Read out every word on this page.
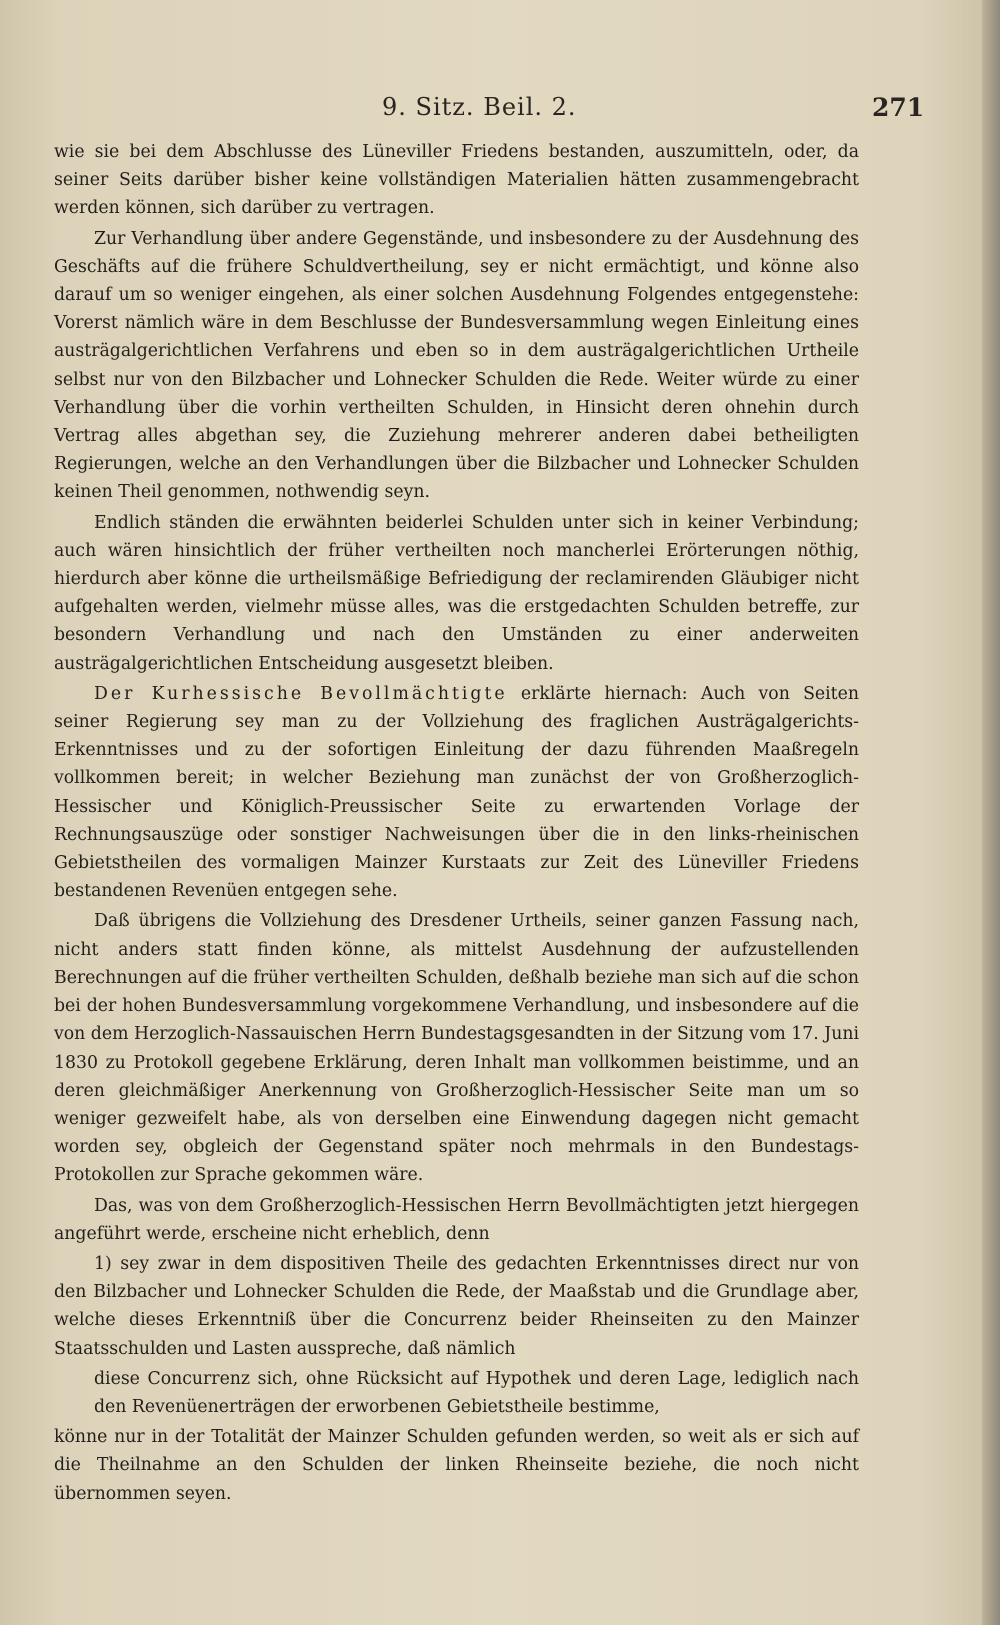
9. Sitz. Beil. 2.	271

wie sie bei dem Abschlusse des Lüneviller Friedens bestanden, auszumitteln, oder, da seiner Seits darüber bisher keine vollständigen Materialien hätten zusammengebracht werden können, sich darüber zu vertragen.

Zur Verhandlung über andere Gegenstände, und insbesondere zu der Ausdehnung des Geschäfts auf die frühere Schuldvertheilung, sey er nicht ermächtigt, und könne also darauf um so weniger eingehen, als einer solchen Ausdehnung Folgendes entgegenstehe: Vorerst nämlich wäre in dem Beschlusse der Bundesversammlung wegen Einleitung eines austrägalgerichtlichen Verfahrens und eben so in dem austrägalgerichtlichen Urtheile selbst nur von den Bilzbacher und Lohnecker Schulden die Rede. Weiter würde zu einer Verhandlung über die vorhin vertheilten Schulden, in Hinsicht deren ohnehin durch Vertrag alles abgethan sey, die Zuziehung mehrerer anderen dabei betheiligten Regierungen, welche an den Verhandlungen über die Bilzbacher und Lohnecker Schulden keinen Theil genommen, nothwendig seyn.

Endlich ständen die erwähnten beiderlei Schulden unter sich in keiner Verbindung; auch wären hinsichtlich der früher vertheilten noch mancherlei Erörterungen nöthig, hierdurch aber könne die urtheilsmäßige Befriedigung der reclamirenden Gläubiger nicht aufgehalten werden, vielmehr müsse alles, was die erstgedachten Schulden betreffe, zur besondern Verhandlung und nach den Umständen zu einer anderweiten austrägalgerichtlichen Entscheidung ausgesetzt bleiben.

Der Kurhessische Bevollmächtigte erklärte hiernach: Auch von Seiten seiner Regierung sey man zu der Vollziehung des fraglichen Austrägalgerichts-Erkenntnisses und zu der sofortigen Einleitung der dazu führenden Maaßregeln vollkommen bereit; in welcher Beziehung man zunächst der von Großherzoglich-Hessischer und Königlich-Preussischer Seite zu erwartenden Vorlage der Rechnungsauszüge oder sonstiger Nachweisungen über die in den links-rheinischen Gebietstheilen des vormaligen Mainzer Kurstaats zur Zeit des Lüneviller Friedens bestandenen Revenüen entgegen sehe.

Daß übrigens die Vollziehung des Dresdener Urtheils, seiner ganzen Fassung nach, nicht anders statt finden könne, als mittelst Ausdehnung der aufzustellenden Berechnungen auf die früher vertheilten Schulden, deßhalb beziehe man sich auf die schon bei der hohen Bundesversammlung vorgekommene Verhandlung, und insbesondere auf die von dem Herzoglich-Nassauischen Herrn Bundestagsgesandten in der Sitzung vom 17. Juni 1830 zu Protokoll gegebene Erklärung, deren Inhalt man vollkommen beistimme, und an deren gleichmäßiger Anerkennung von Großherzoglich-Hessischer Seite man um so weniger gezweifelt habe, als von derselben eine Einwendung dagegen nicht gemacht worden sey, obgleich der Gegenstand später noch mehrmals in den Bundestags-Protokollen zur Sprache gekommen wäre.

Das, was von dem Großherzoglich-Hessischen Herrn Bevollmächtigten jetzt hiergegen angeführt werde, erscheine nicht erheblich, denn

1) sey zwar in dem dispositiven Theile des gedachten Erkenntnisses direct nur von den Bilzbacher und Lohnecker Schulden die Rede, der Maaßstab und die Grundlage aber, welche dieses Erkenntniß über die Concurrenz beider Rheinseiten zu den Mainzer Staatsschulden und Lasten ausspreche, daß nämlich

diese Concurrenz sich, ohne Rücksicht auf Hypothek und deren Lage, lediglich nach den Revenüenerträgen der erworbenen Gebietstheile bestimme,

könne nur in der Totalität der Mainzer Schulden gefunden werden, so weit als er sich auf die Theilnahme an den Schulden der linken Rheinseite beziehe, die noch nicht übernommen seyen.
